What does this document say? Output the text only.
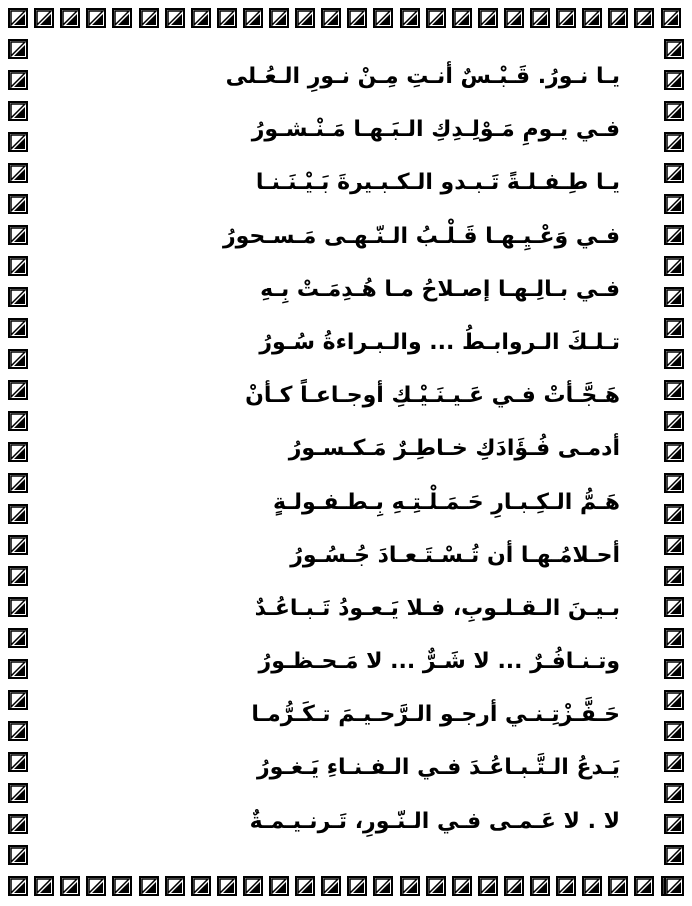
يـا نـورُ. قَـبْـسٌ أنـتِ مِـنْ نـورِ الـعُـلى
فـي يـومِ مَـوْلِـدِكِ الـبَـهـا مَـنْـشـورُ
يـا طِـفـلـةً تَـبـدو الـكـبـيرةَ بَـيْـنَـنـا
فـي وَعْـيِـهـا قَـلْـبُ الـنّـهـى مَـسـحورُ
فـي بـالِـهـا إصـلاحُ مـا هُـدِمَـتْ بِـهِ
تـلـكَ الـروابـطُ ... والـبـراءةُ سُـورُ
هَـجَّـأتْ فـي عَـيـنَـيْـكِ أوجـاعـاً كـأنْ
أدمـى فُـؤَادَكِ خـاطِـرٌ مَـكـسـورُ
هَـمُّ الـكِـبـارِ حَـمَـلْـتِـهِ بِـطـفـولـةٍ
أحـلامُـهـا أن تُـسْـتَـعـادَ جُـسُـورُ
بـيـنَ الـقـلـوبِ، فـلا يَـعـودُ تَـبـاعُـدٌ
وتـنـافُـرٌ ... لا شَـرٌّ ... لا مَـحـظـورُ
حَـفَّـزْتِـنـي أرجـو الـرَّحـيـمَ تـكَـرُّمـا
يَـدعُ الـتَّـبـاعُـدَ فـي الـفـنـاءِ يَـغـورُ
لا . لا عَـمـى فـي الـنّـورِ، تَـرنـيـمـةٌ
